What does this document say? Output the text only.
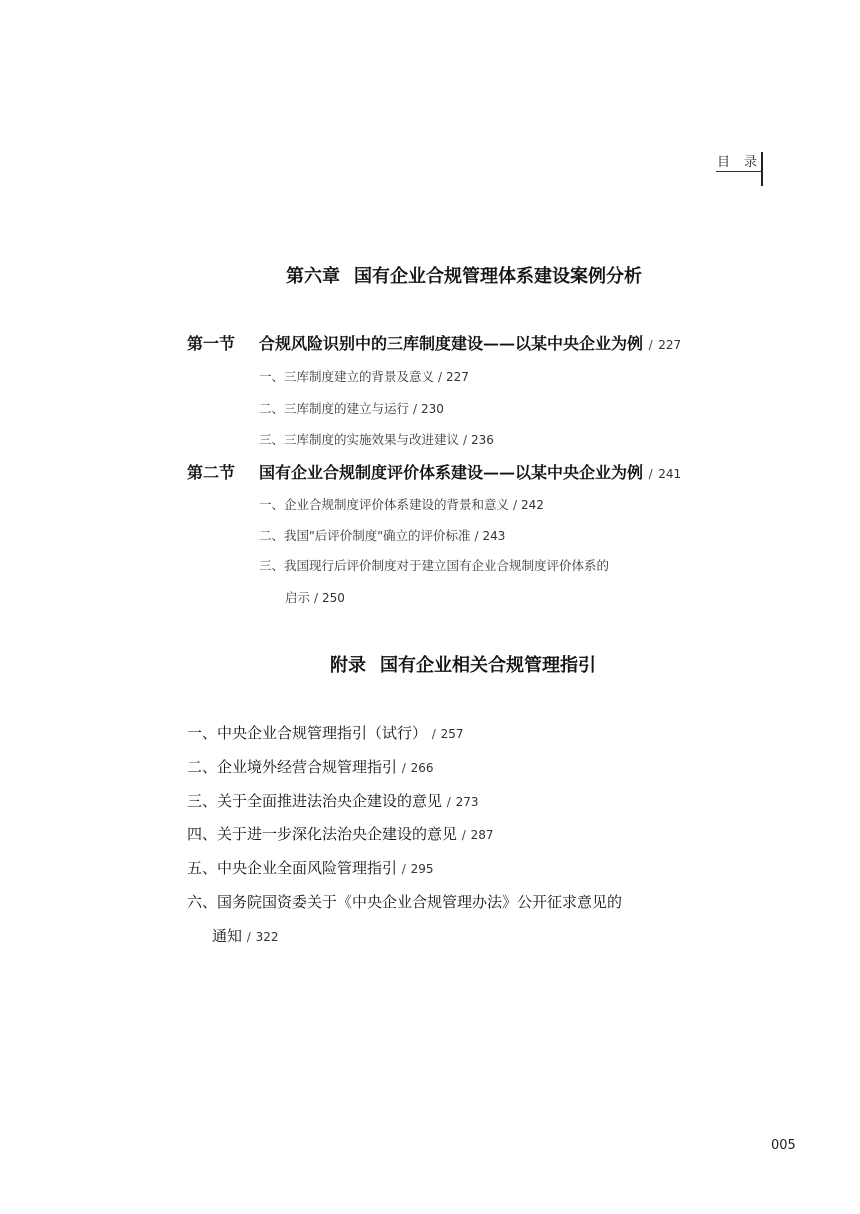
目录
第六章 国有企业合规管理体系建设案例分析
第一节 合规风险识别中的三库制度建设——以某中央企业为例 / 227
一、三库制度建立的背景及意义 / 227
二、三库制度的建立与运行 / 230
三、三库制度的实施效果与改进建议 / 236
第二节 国有企业合规制度评价体系建设——以某中央企业为例 / 241
一、企业合规制度评价体系建设的背景和意义 / 242
二、我国"后评价制度"确立的评价标准 / 243
三、我国现行后评价制度对于建立国有企业合规制度评价体系的
启示 / 250
附录 国有企业相关合规管理指引
一、中央企业合规管理指引（试行） / 257
二、企业境外经营合规管理指引 / 266
三、关于全面推进法治央企建设的意见 / 273
四、关于进一步深化法治央企建设的意见 / 287
五、中央企业全面风险管理指引 / 295
六、国务院国资委关于《中央企业合规管理办法》公开征求意见的
通知 / 322
005
